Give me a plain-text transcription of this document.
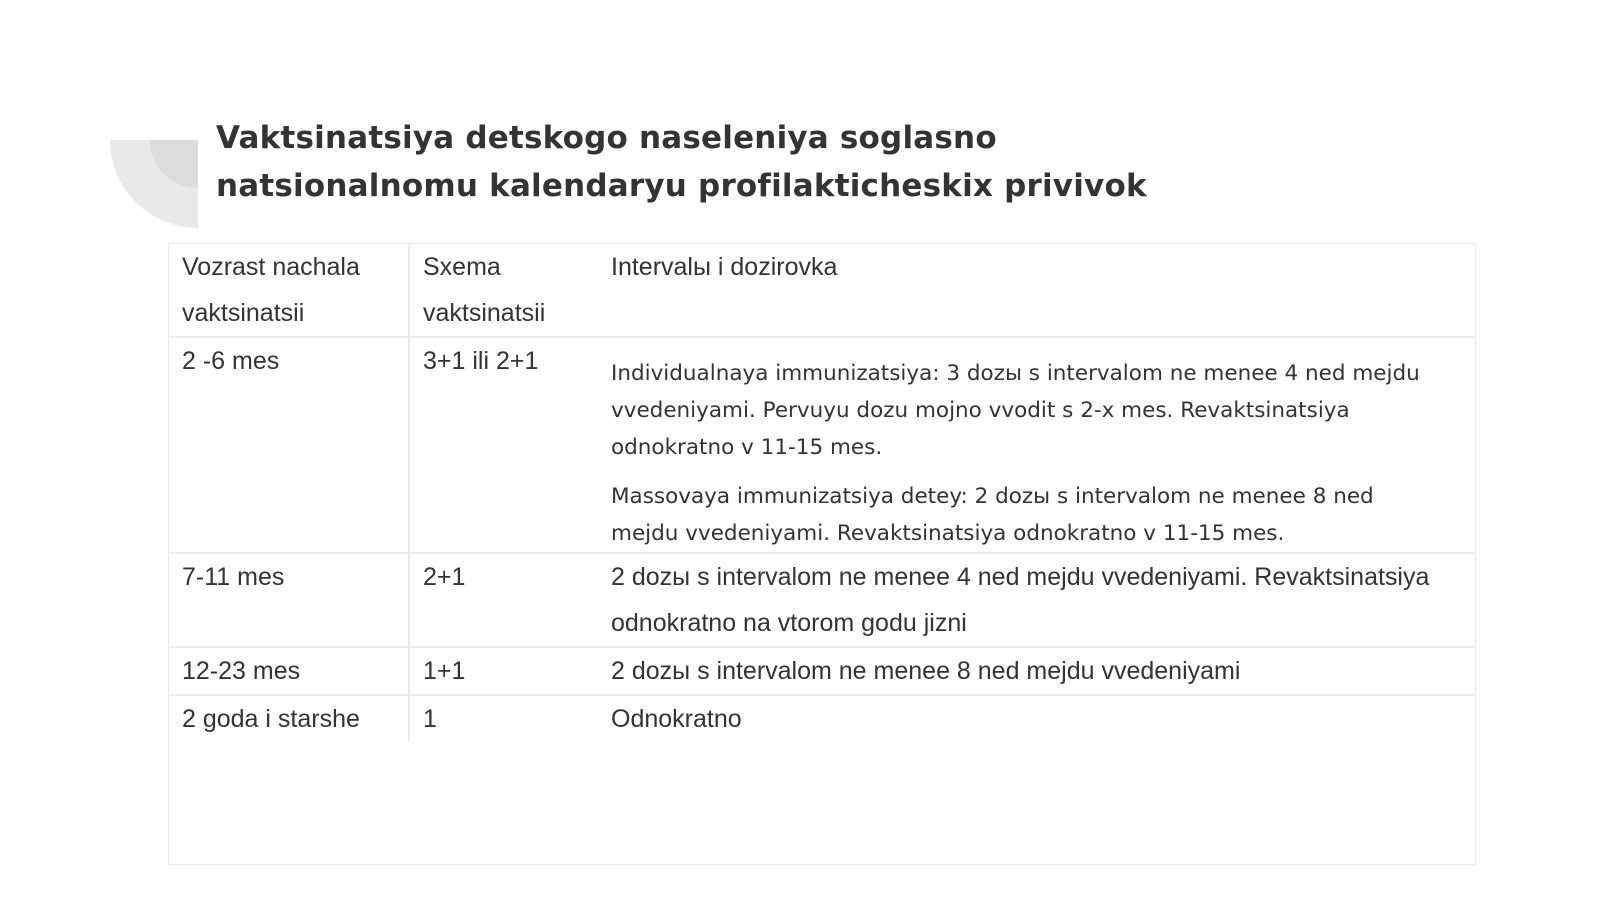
Vaktsinatsiya detskogo naseleniya soglasno
natsionalnomu kalendaryu profilakticheskix privivok
Vozrast nachala vaktsinatsii	Sxema vaktsinatsii	Intervalы i dozirovka
2 -6 mes	3+1 ili 2+1	Individualnaya immunizatsiya: 3 dozы s intervalom ne menee 4 ned mejdu vvedeniyami. Pervuyu dozu mojno vvodit s 2-x mes. Revaktsinatsiya odnokratno v 11-15 mes.

Massovaya immunizatsiya detey: 2 dozы s intervalom ne menee 8 ned mejdu vvedeniyami. Revaktsinatsiya odnokratno v 11-15 mes.

7-11 mes	2+1	2 dozы s intervalom ne menee 4 ned mejdu vvedeniyami. Revaktsinatsiya odnokratno na vtorom godu jizni
12-23 mes	1+1	2 dozы s intervalom ne menee 8 ned mejdu vvedeniyami
2 goda i starshe	1	Odnokratno
